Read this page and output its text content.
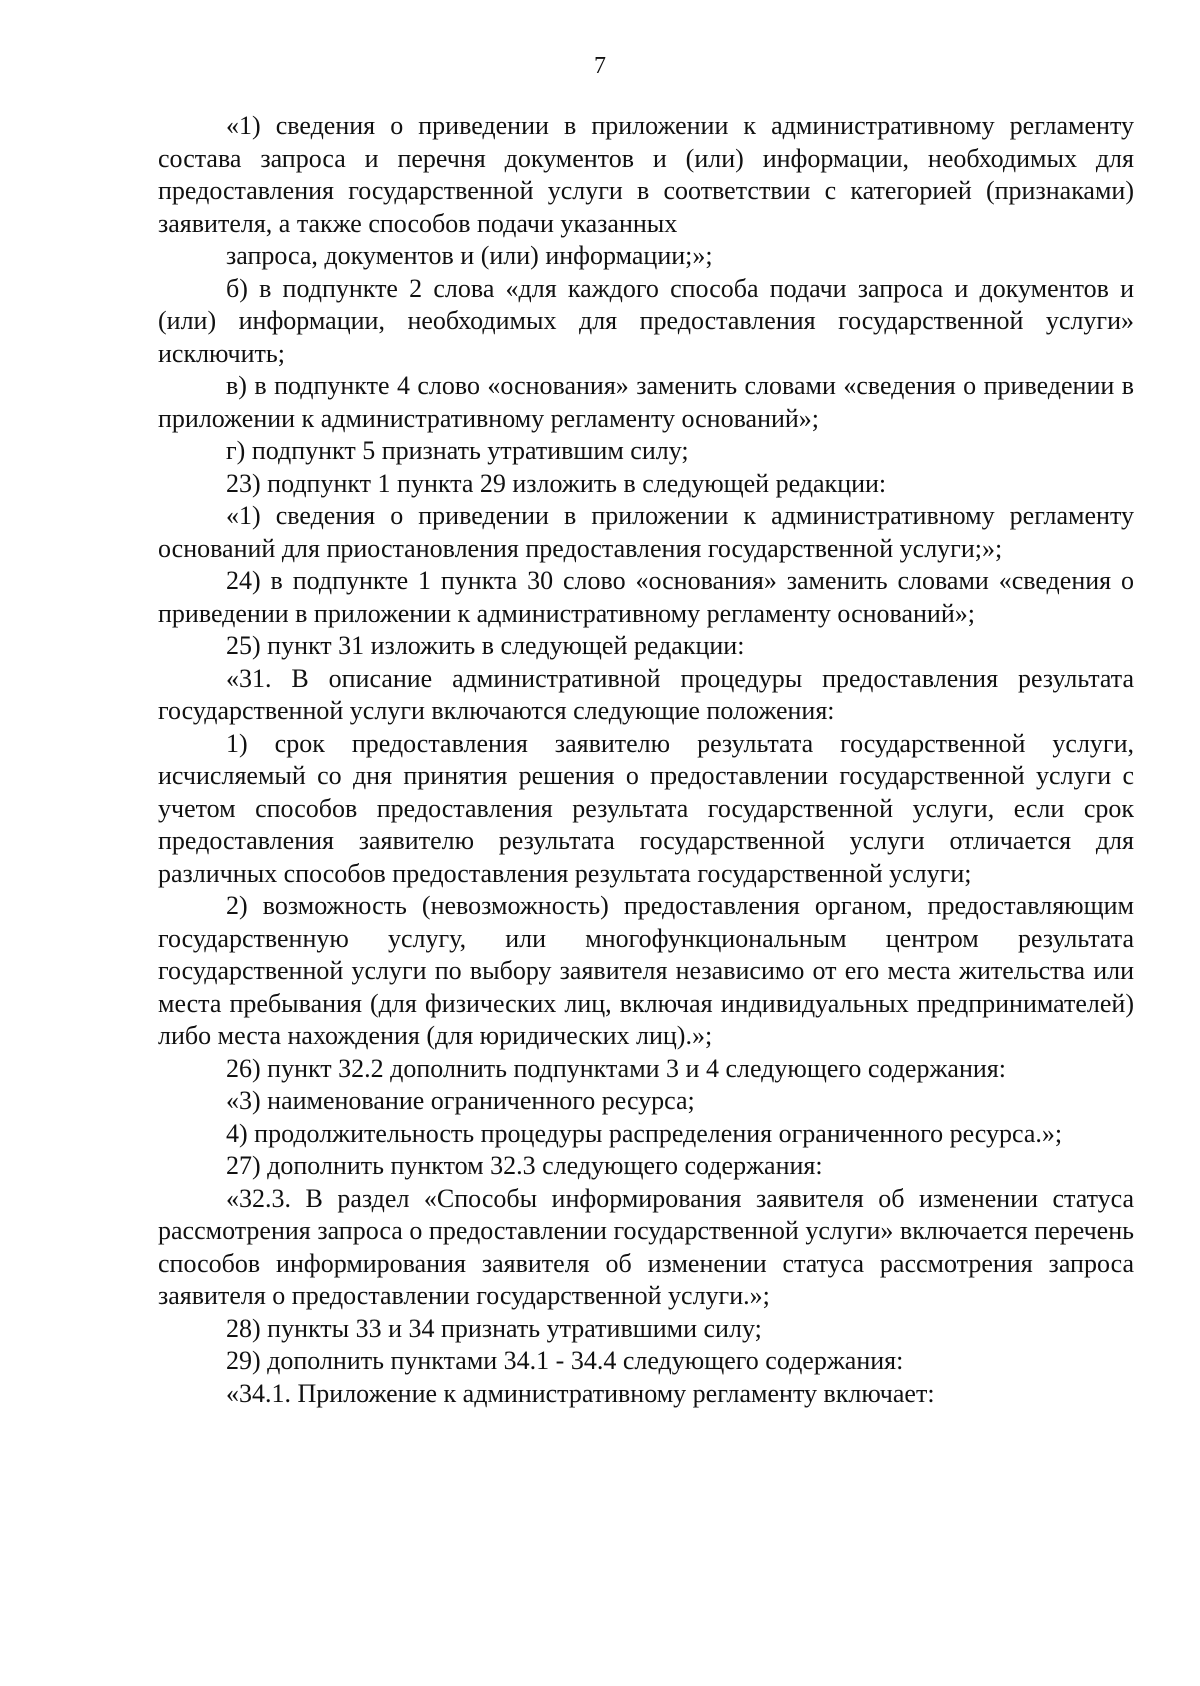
7

«1) сведения о приведении в приложении к административному регламенту состава запроса и перечня документов и (или) информации, необходимых для предоставления государственной услуги в соответствии с категорией (признаками) заявителя, а также способов подачи указанных

запроса, документов и (или) информации;»;

б) в подпункте 2 слова «для каждого способа подачи запроса и документов и (или) информации, необходимых для предоставления государственной услуги» исключить;

в) в подпункте 4 слово «основания» заменить словами «сведения о приведении в приложении к административному регламенту оснований»;

г) подпункт 5 признать утратившим силу;

23) подпункт 1 пункта 29 изложить в следующей редакции:

«1) сведения о приведении в приложении к административному регламенту оснований для приостановления предоставления государственной услуги;»;

24) в подпункте 1 пункта 30 слово «основания» заменить словами «сведения о приведении в приложении к административному регламенту оснований»;

25) пункт 31 изложить в следующей редакции:

«31. В описание административной процедуры предоставления результата государственной услуги включаются следующие положения:

1) срок предоставления заявителю результата государственной услуги, исчисляемый со дня принятия решения о предоставлении государственной услуги с учетом способов предоставления результата государственной услуги, если срок предоставления заявителю результата государственной услуги отличается для различных способов предоставления результата государственной услуги;

2) возможность (невозможность) предоставления органом, предоставляющим государственную услугу, или многофункциональным центром результата государственной услуги по выбору заявителя независимо от его места жительства или места пребывания (для физических лиц, включая индивидуальных предпринимателей) либо места нахождения (для юридических лиц).»;

26) пункт 32.2 дополнить подпунктами 3 и 4 следующего содержания:

«3) наименование ограниченного ресурса;

4) продолжительность процедуры распределения ограниченного ресурса.»;

27) дополнить пунктом 32.3 следующего содержания:

«32.3. В раздел «Способы информирования заявителя об изменении статуса рассмотрения запроса о предоставлении государственной услуги» включается перечень способов информирования заявителя об изменении статуса рассмотрения запроса заявителя о предоставлении государственной услуги.»;

28) пункты 33 и 34 признать утратившими силу;

29) дополнить пунктами 34.1 - 34.4 следующего содержания:

«34.1. Приложение к административному регламенту включает:
